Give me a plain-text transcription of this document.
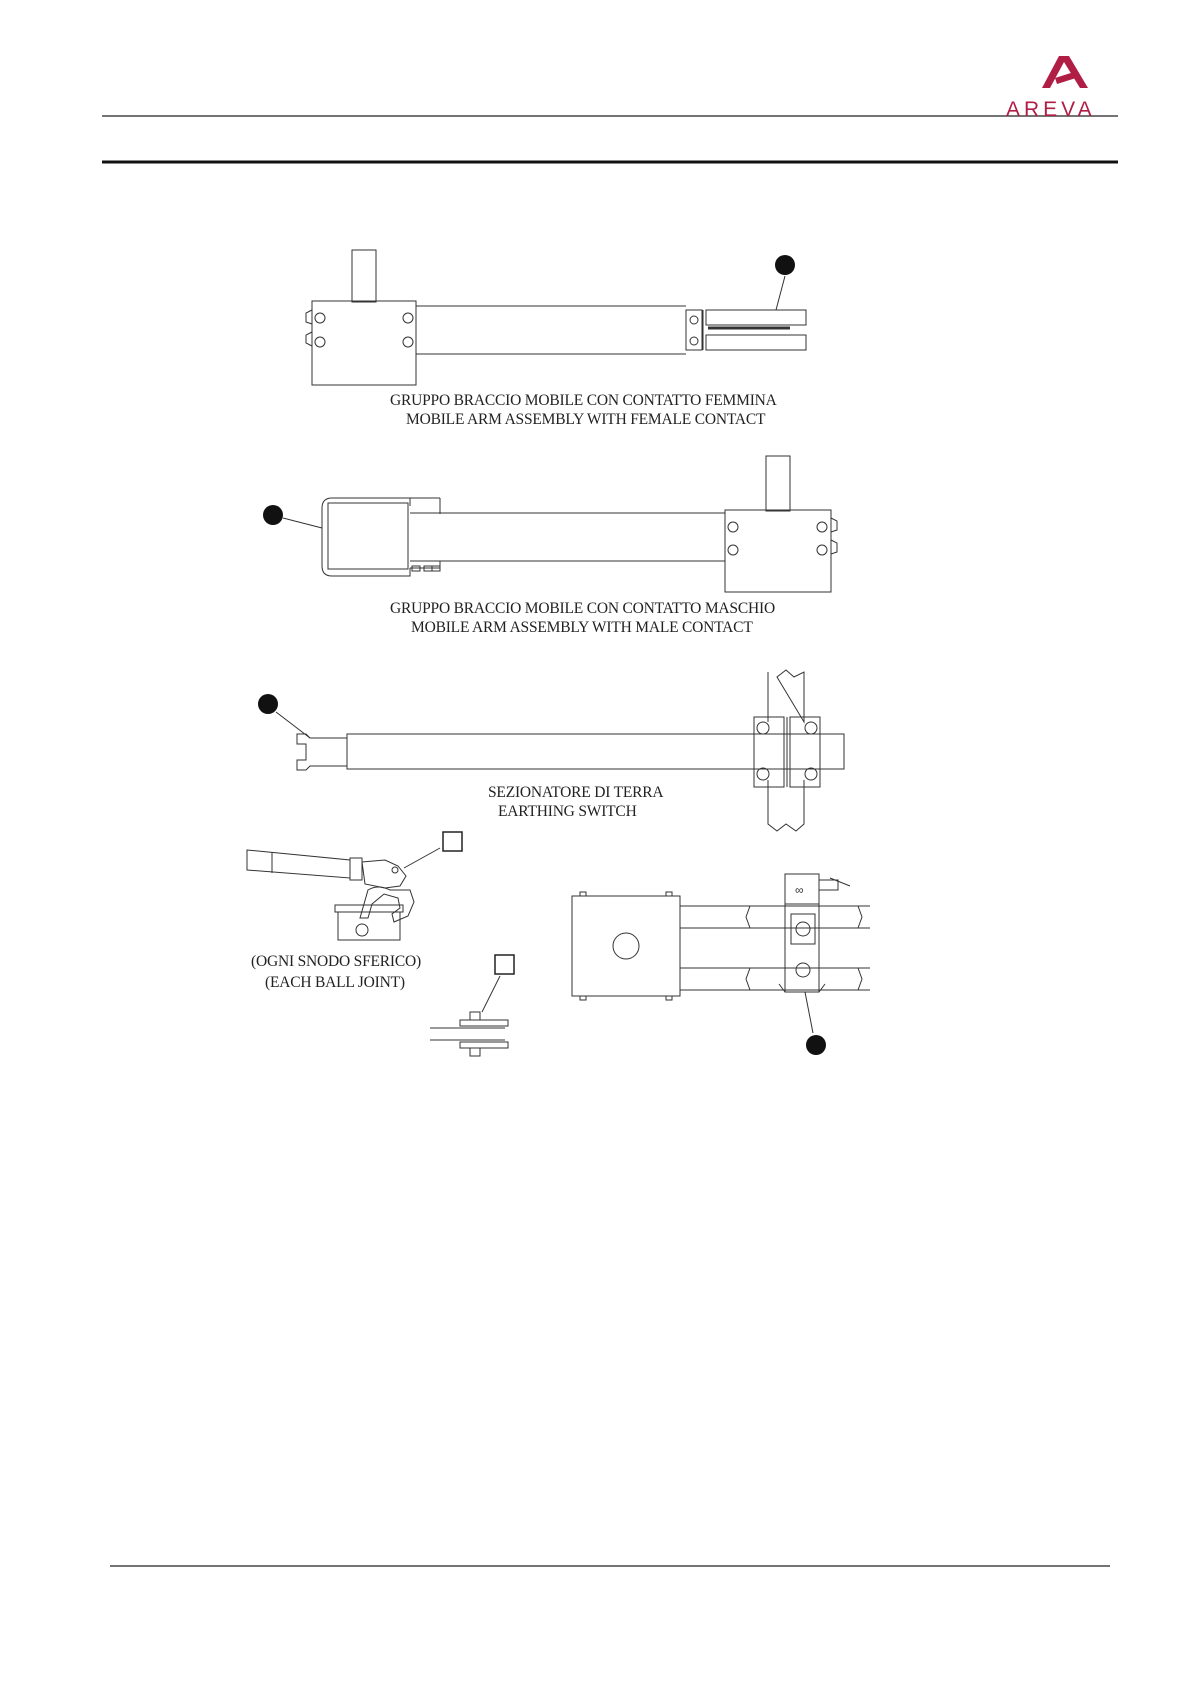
∞
AREVA
GRUPPO BRACCIO MOBILE CON CONTATTO FEMMINA
MOBILE ARM ASSEMBLY WITH FEMALE CONTACT
GRUPPO BRACCIO MOBILE CON CONTATTO MASCHIO
MOBILE ARM ASSEMBLY WITH MALE CONTACT
SEZIONATORE DI TERRA
EARTHING SWITCH
(OGNI SNODO SFERICO)
(EACH BALL JOINT)
